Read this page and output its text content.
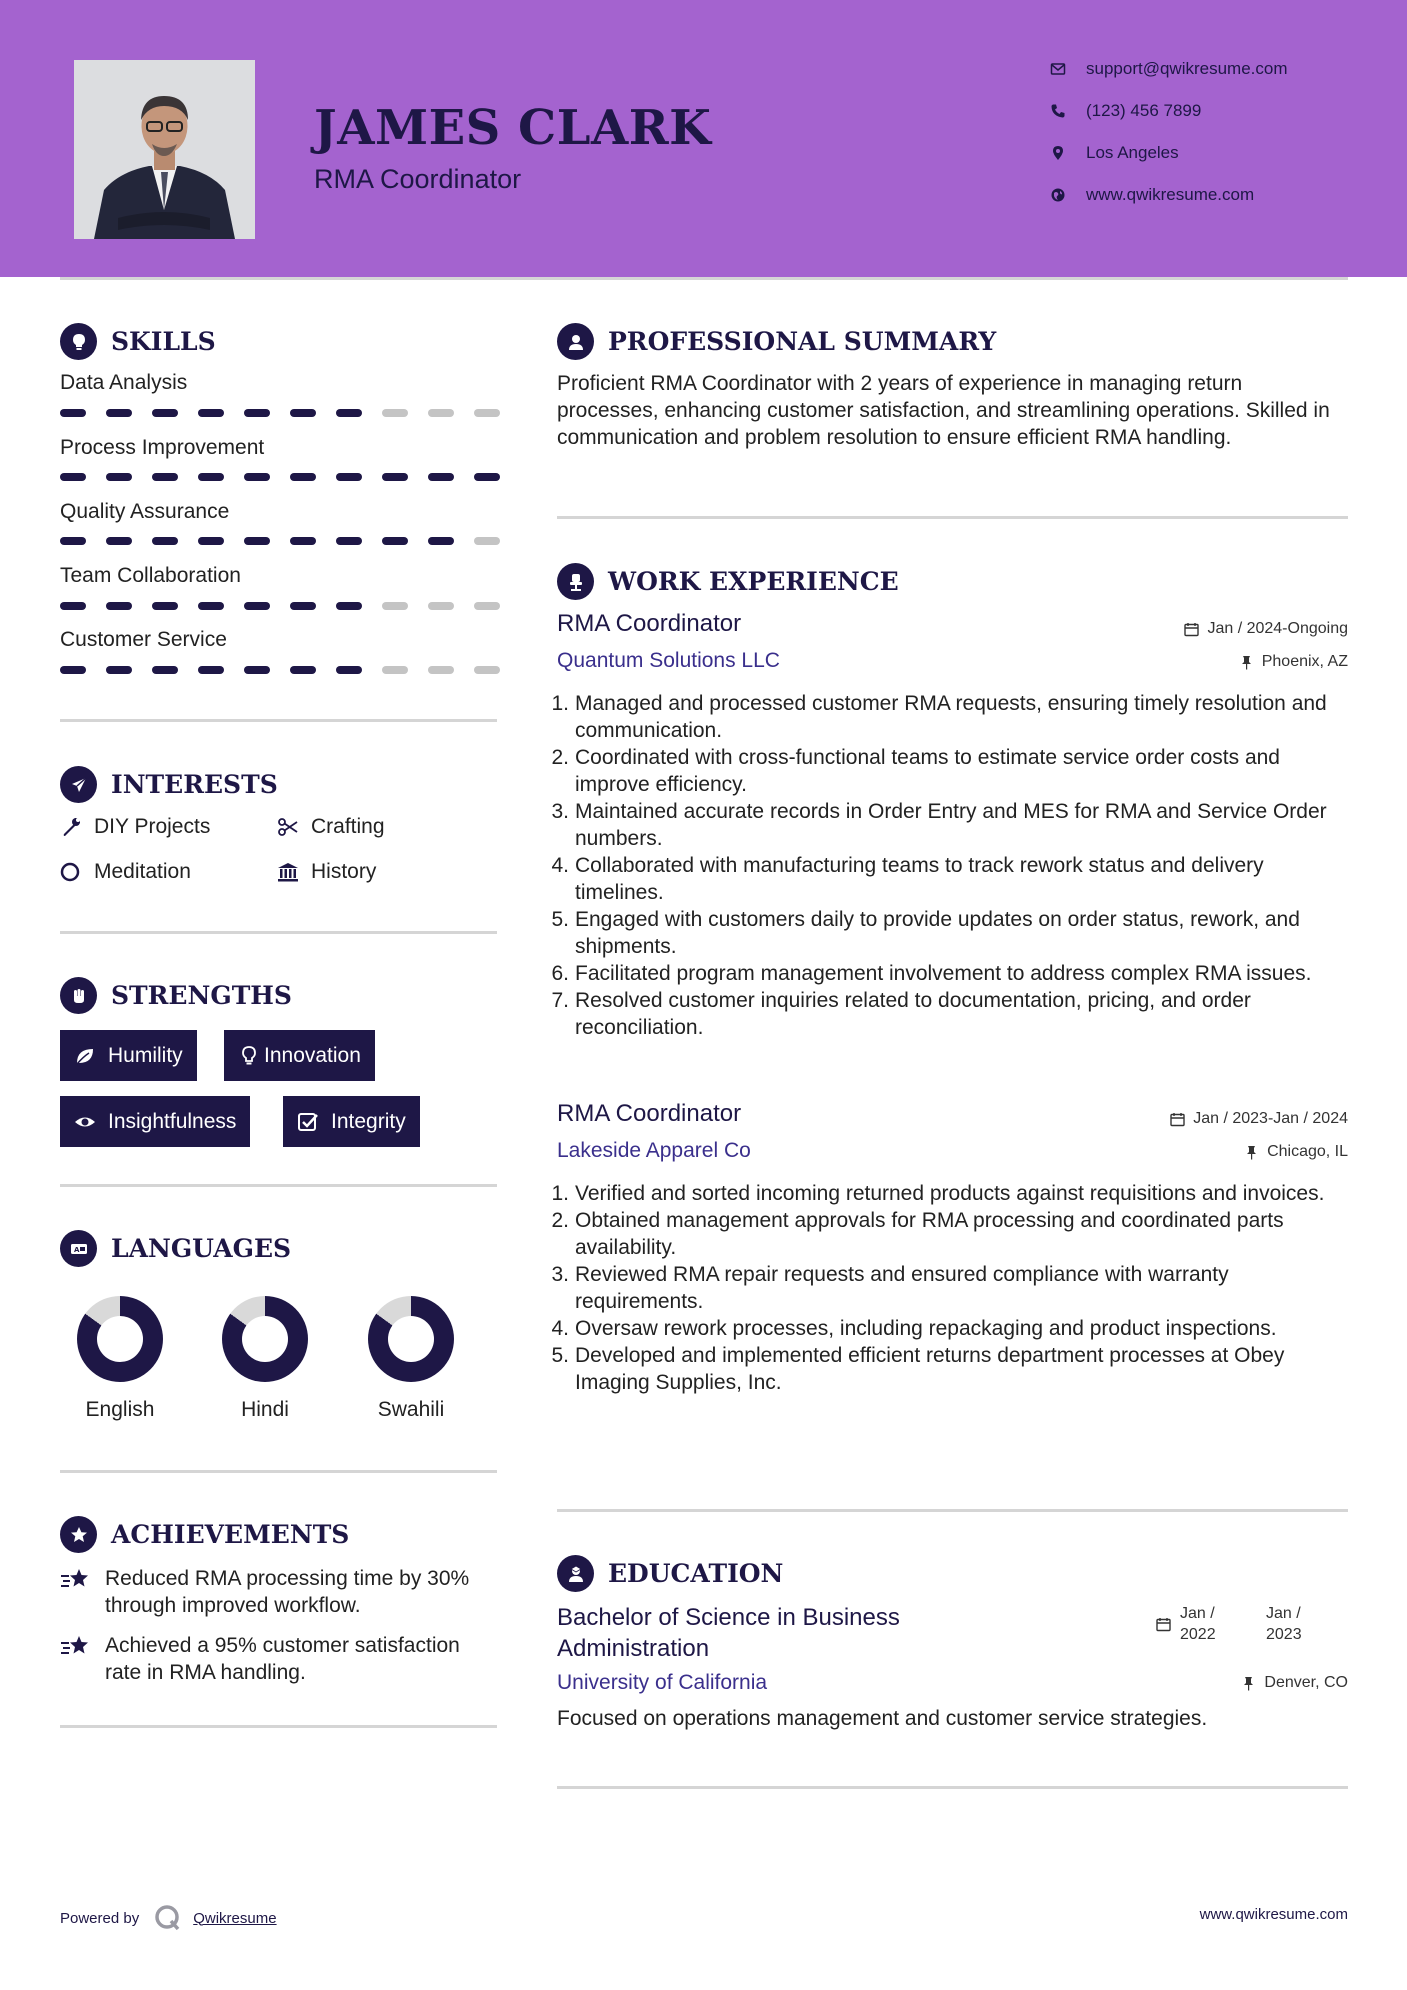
JAMES CLARK
RMA Coordinator
support@qwikresume.com
(123) 456 7899
Los Angeles
www.qwikresume.com
SKILLS
Data Analysis
Process Improvement
Quality Assurance
Team Collaboration
Customer Service
INTERESTS
DIY Projects	Crafting
Meditation	History
STRENGTHS
Humility	Innovation
Insightfulness	Integrity
A LANGUAGES
English	Hindi	Swahili
ACHIEVEMENTS
Reduced RMA processing time by 30% through improved workflow.
Achieved a 95% customer satisfaction rate in RMA handling.
PROFESSIONAL SUMMARY
Proficient RMA Coordinator with 2 years of experience in managing return processes, enhancing customer satisfaction, and streamlining operations. Skilled in communication and problem resolution to ensure efficient RMA handling.
WORK EXPERIENCE
RMA Coordinator	Jan / 2024-Ongoing
Quantum Solutions LLC	Phoenix, AZ
1 . Managed and processed customer RMA requests, ensuring timely resolution and communication.
2 . Coordinated with cross-functional teams to estimate service order costs and improve efficiency.
3 . Maintained accurate records in Order Entry and MES for RMA and Service Order numbers.
4 . Collaborated with manufacturing teams to track rework status and delivery timelines.
5 . Engaged with customers daily to provide updates on order status, rework, and shipments.
6 . Facilitated program management involvement to address complex RMA issues.
7 . Resolved customer inquiries related to documentation, pricing, and order reconciliation.
RMA Coordinator	Jan / 2023-Jan / 2024
Lakeside Apparel Co	Chicago, IL
1 . Verified and sorted incoming returned products against requisitions and invoices.
2 . Obtained management approvals for RMA processing and coordinated parts availability.
3 . Reviewed RMA repair requests and ensured compliance with warranty requirements.
4 . Oversaw rework processes, including repackaging and product inspections.
5 . Developed and implemented efficient returns department processes at Obey Imaging Supplies, Inc.
EDUCATION
Bachelor of Science in Business Administration
Jan /
2022
Jan /
2023
University of California	Denver, CO
Focused on operations management and customer service strategies.
Powered by	Qwikresume	www.qwikresume.com
